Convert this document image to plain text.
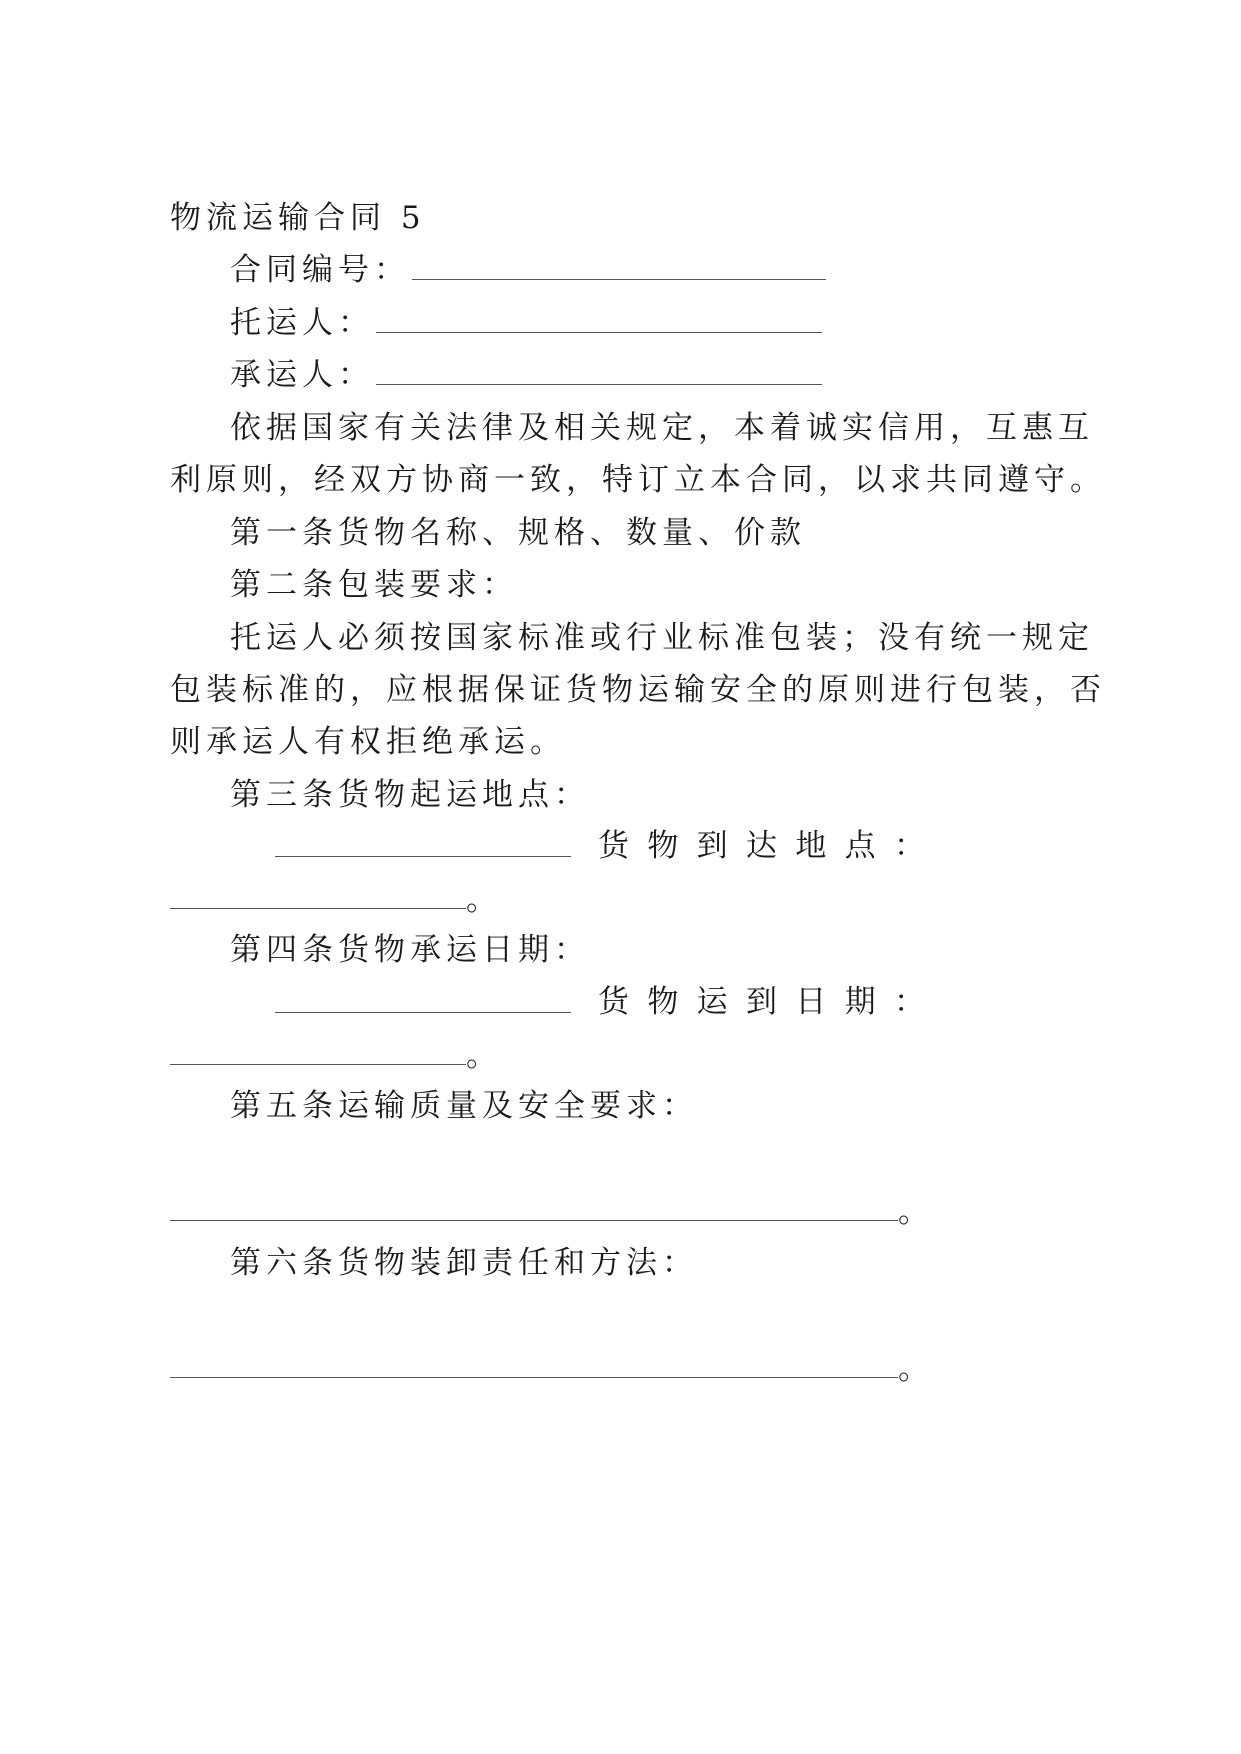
物流运输合同 5
合同编号：
托运人：
承运人：
依据国家有关法律及相关规定，本着诚实信用，互惠互
利原则，经双方协商一致，特订立本合同，以求共同遵守。
第一条货物名称、规格、数量、价款
第二条包装要求：
托运人必须按国家标准或行业标准包装；没有统一规定
包装标准的，应根据保证货物运输安全的原则进行包装，否
则承运人有权拒绝承运。
第三条货物起运地点：
货 物 到 达 地 点 ：
。
第四条货物承运日期：
货 物 运 到 日 期 ：
。
第五条运输质量及安全要求：
。
第六条货物装卸责任和方法：
。
